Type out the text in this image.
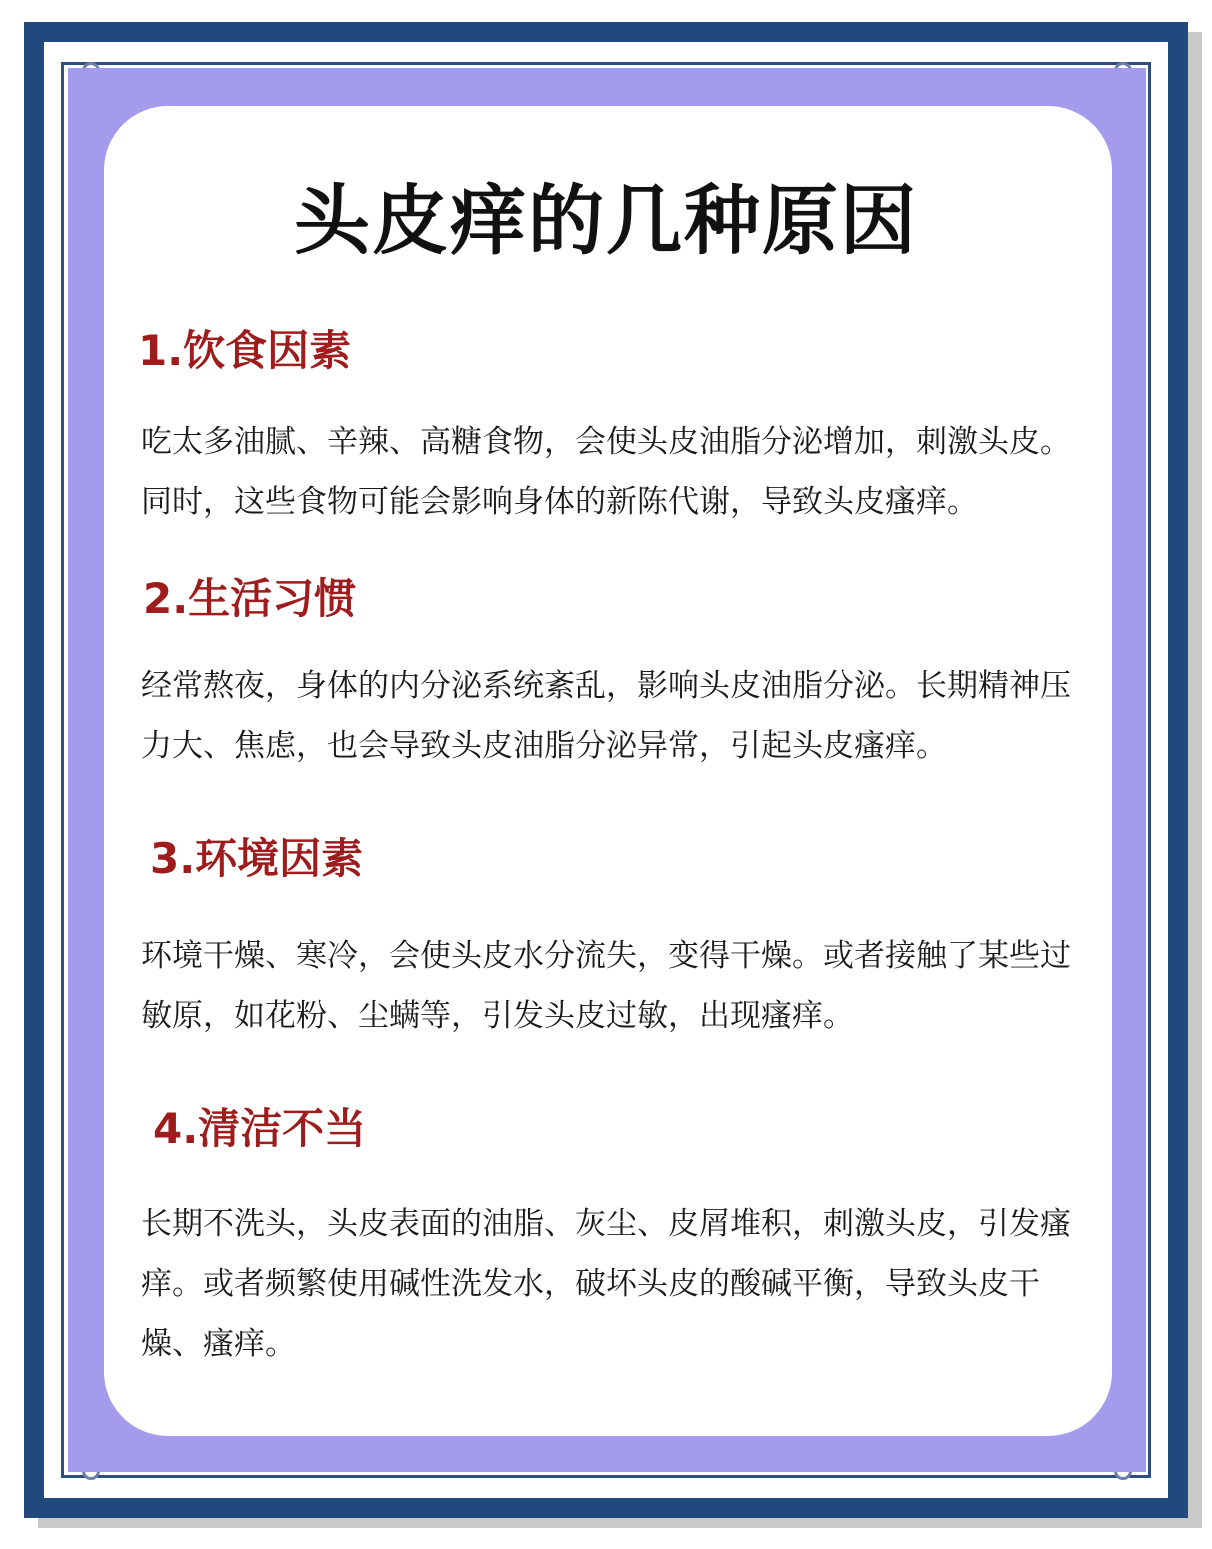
头皮痒的几种原因
1.饮食因素

吃太多油腻、辛辣、高糖食物，会使头皮油脂分泌增加，刺激头皮。同时，这些食物可能会影响身体的新陈代谢，导致头皮瘙痒。

2.生活习惯

经常熬夜，身体的内分泌系统紊乱，影响头皮油脂分泌。长期精神压力大、焦虑，也会导致头皮油脂分泌异常，引起头皮瘙痒。

3.环境因素

环境干燥、寒冷，会使头皮水分流失，变得干燥。或者接触了某些过敏原，如花粉、尘螨等，引发头皮过敏，出现瘙痒。

4.清洁不当

长期不洗头，头皮表面的油脂、灰尘、皮屑堆积，刺激头皮，引发瘙痒。或者频繁使用碱性洗发水，破坏头皮的酸碱平衡，导致头皮干燥、瘙痒。
